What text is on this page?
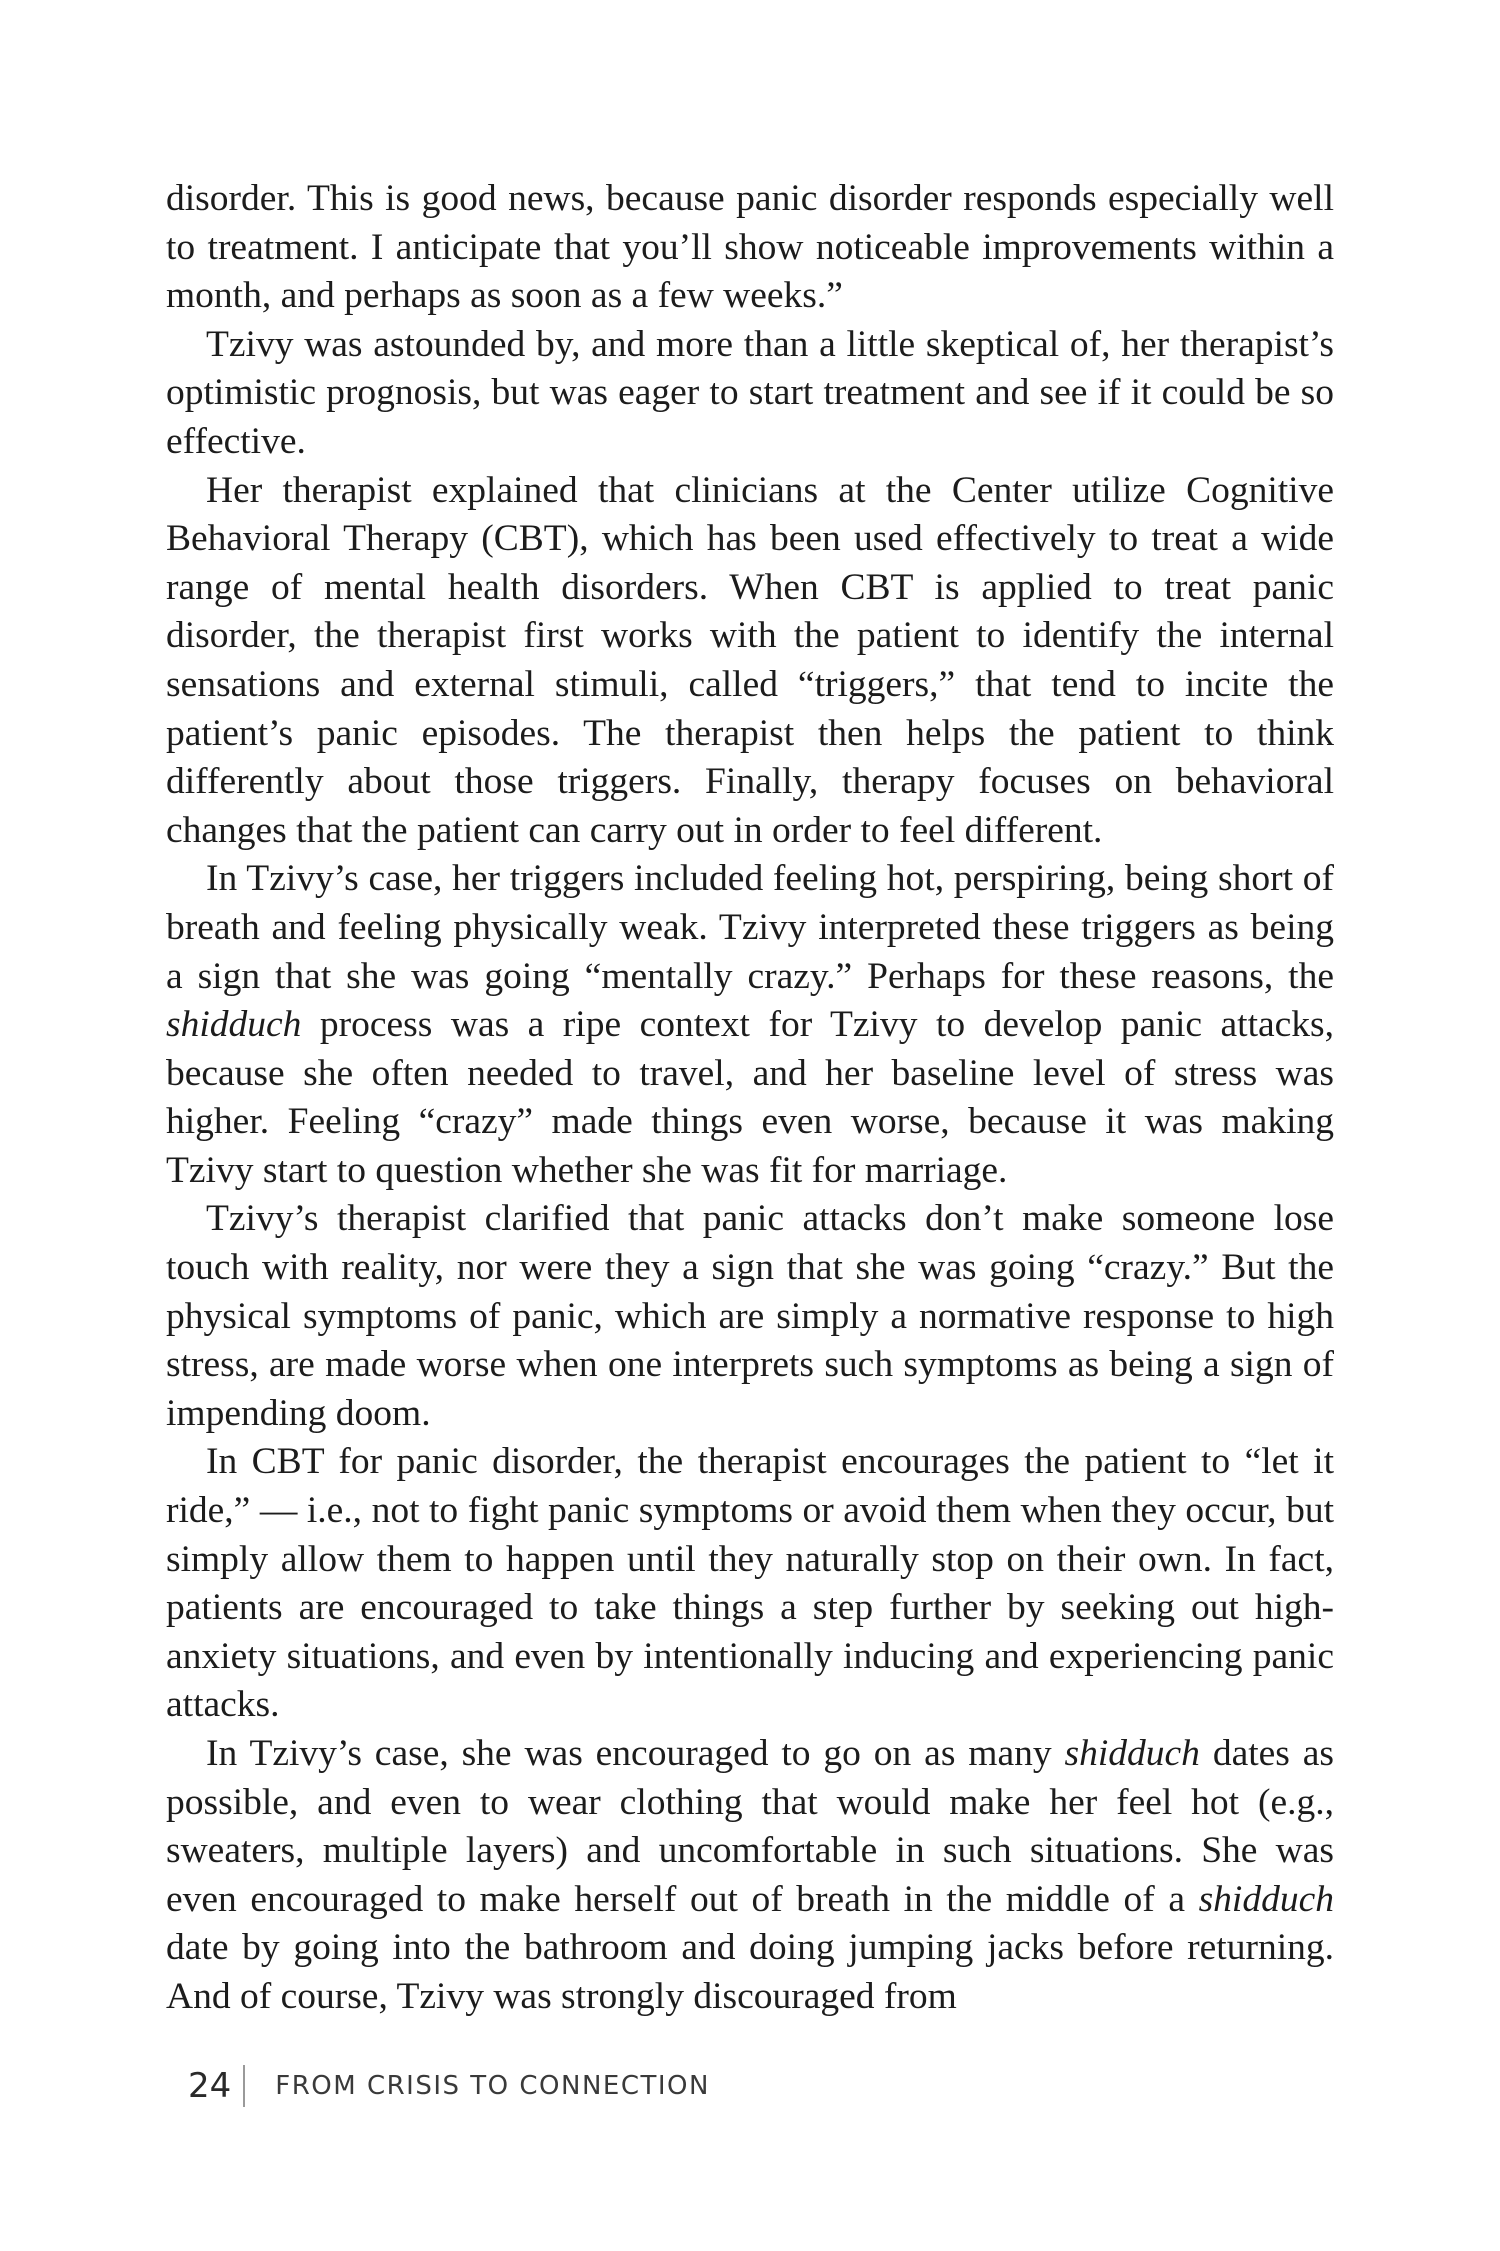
disorder. This is good news, because panic disorder responds especially well to treatment. I anticipate that you’ll show noticeable improvements within a month, and perhaps as soon as a few weeks.”

Tzivy was astounded by, and more than a little skeptical of, her therapist’s optimistic prognosis, but was eager to start treatment and see if it could be so effective.

Her therapist explained that clinicians at the Center utilize Cognitive Behavioral Therapy (CBT), which has been used effectively to treat a wide range of mental health disorders. When CBT is applied to treat panic disorder, the therapist first works with the patient to identify the internal sensations and external stimuli, called “triggers,” that tend to incite the patient’s panic episodes. The therapist then helps the patient to think differently about those triggers. Finally, therapy focuses on behavioral changes that the patient can carry out in order to feel different.

In Tzivy’s case, her triggers included feeling hot, perspiring, being short of breath and feeling physically weak. Tzivy interpreted these triggers as being a sign that she was going “mentally crazy.” Perhaps for these reasons, the shidduch process was a ripe context for Tzivy to develop panic attacks, because she often needed to travel, and her baseline level of stress was higher. Feeling “crazy” made things even worse, because it was making Tzivy start to question whether she was fit for marriage.

Tzivy’s therapist clarified that panic attacks don’t make someone lose touch with reality, nor were they a sign that she was going “crazy.” But the physical symptoms of panic, which are simply a normative response to high stress, are made worse when one interprets such symptoms as being a sign of impending doom.

In CBT for panic disorder, the therapist encourages the patient to “let it ride,” — i.e., not to fight panic symptoms or avoid them when they occur, but simply allow them to happen until they naturally stop on their own. In fact, patients are encouraged to take things a step further by seeking out high-anxiety situations, and even by intentionally inducing and experiencing panic attacks.

In Tzivy’s case, she was encouraged to go on as many shidduch dates as possible, and even to wear clothing that would make her feel hot (e.g., sweaters, multiple layers) and uncomfortable in such situations. She was even encouraged to make herself out of breath in the middle of a shidduch date by going into the bathroom and doing jumping jacks before returning. And of course, Tzivy was strongly discouraged from

24 FROM CRISIS TO CONNECTION
